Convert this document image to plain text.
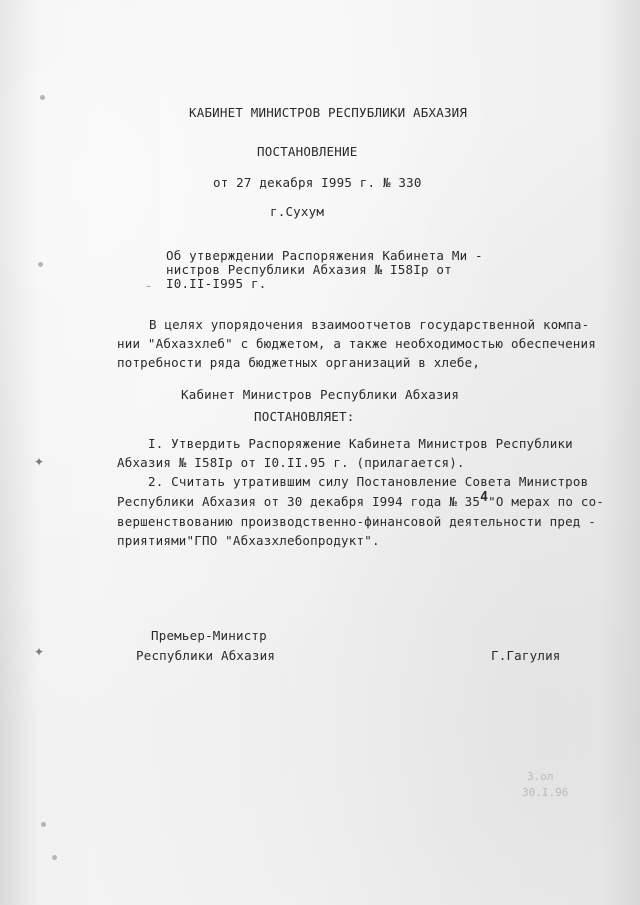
✦
✦
–
КАБИНЕТ МИНИСТРОВ РЕСПУБЛИКИ АБХАЗИЯ
ПОСТАНОВЛЕНИЕ
от 27 декабря I995 г. № 330
г.Сухум
Об утверждении Распоряжения Кабинета Ми -
нистров Республики Абхазия № I58Iр от
I0.II-I995 г.
В целях упорядочения взаимоотчетов государственной компа-
нии "Абхазхлеб" с бюджетом, а также необходимостью обеспечения
потребности ряда бюджетных организаций в хлебе,
Кабинет Министров Республики Абхазия
ПОСТАНОВЛЯЕТ:
I. Утвердить Распоряжение Кабинета Министров Республики
Абхазия № I58Iр от I0.II.95 г. (прилагается).
2. Считать утратившим силу Постановление Совета Министров
Республики Абхазия от 30 декабря I994 года № 354"О мерах по со-
вершенствованию производственно-финансовой деятельности пред -
приятиями"ГПО "Абхазхлебопродукт".
Премьер-Министр
Республики Абхазия	Г.Гагулия
3.ол
30.I.96
